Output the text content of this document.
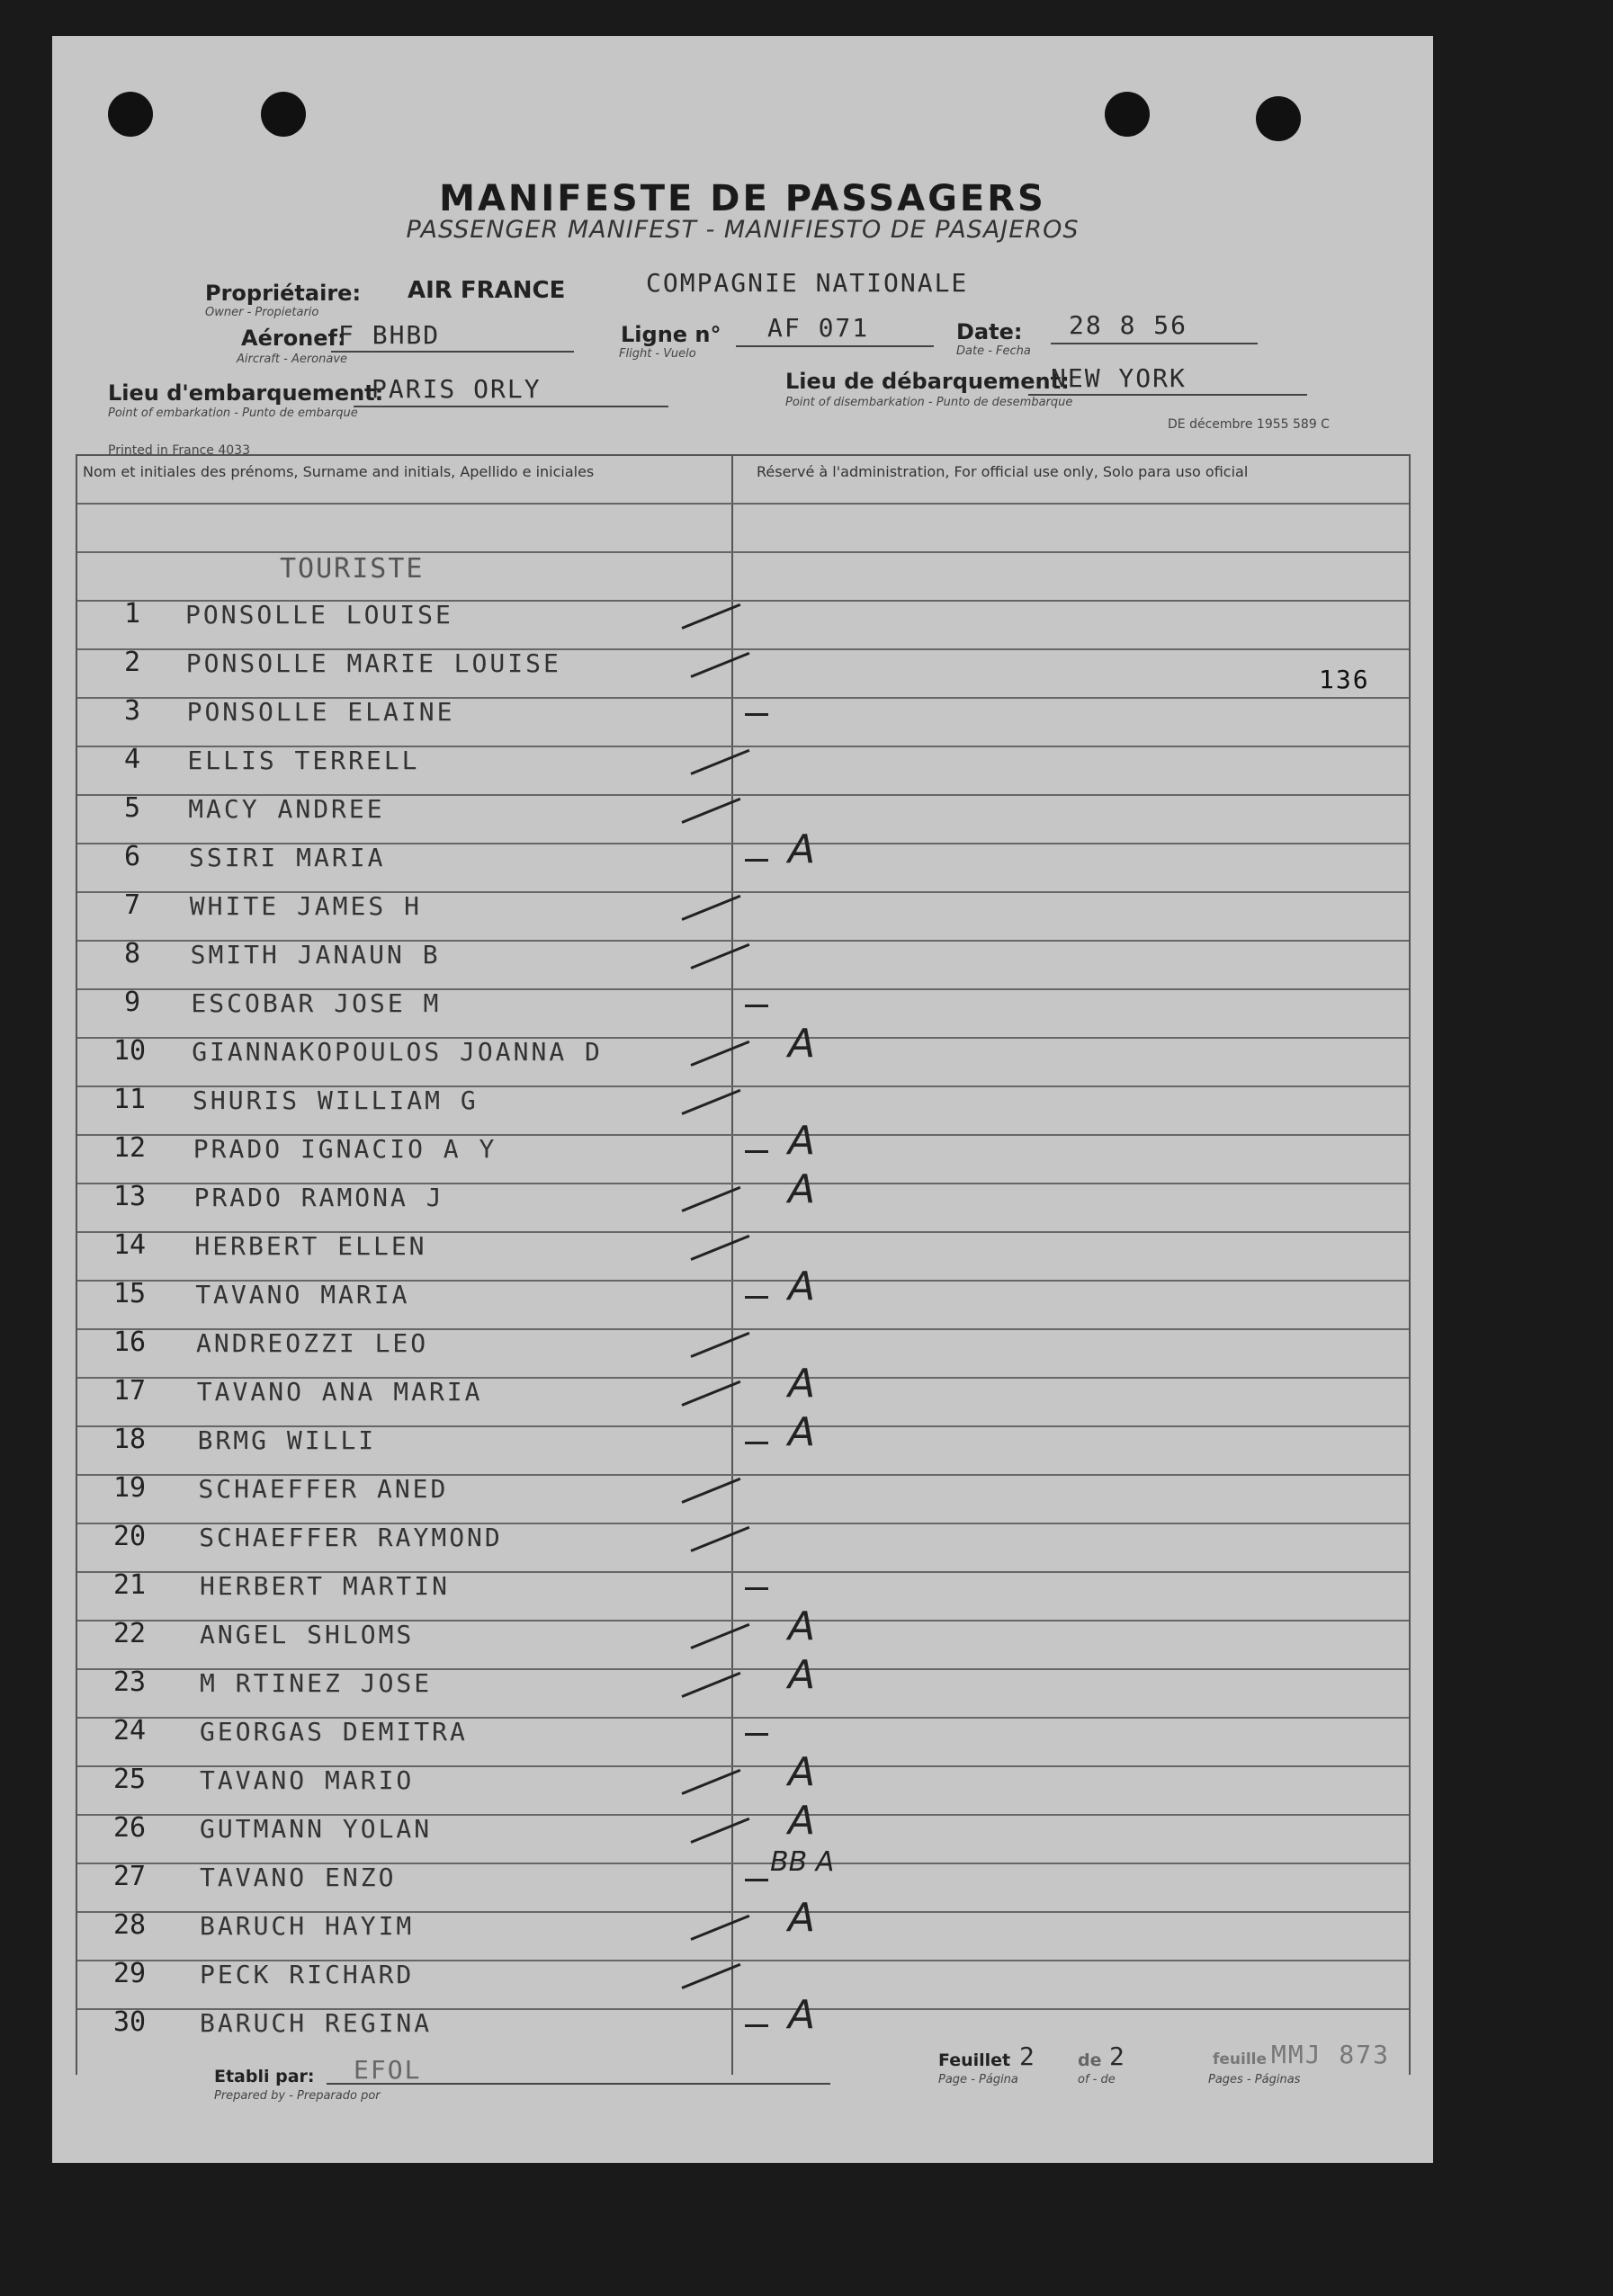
MANIFESTE DE PASSAGERS
PASSENGER MANIFEST - MANIFIESTO DE PASAJEROS
Propriétaire:
Owner - Propietario
AIR FRANCE	COMPAGNIE NATIONALE
Aéronef:
Aircraft - Aeronave
F BHBD	Ligne n°
Flight - Vuelo
AF 071	Date:
Date - Fecha
28 8 56
Lieu d'embarquement:
Point of embarkation - Punto de embarque
PARIS ORLY	Lieu de débarquement:
Point of disembarkation - Punto de desembarque
NEW YORK
DE décembre 1955 589 C
Printed in France 4033
Nom et initiales des prénoms, Surname and initials, Apellido e iniciales	Réservé à l'administration, For official use only, Solo para uso oficial
1 PONSOLLE LOUISE
2 PONSOLLE MARIE LOUISE
3 PONSOLLE ELAINE
4 ELLIS TERRELL
5 MACY ANDREE
6 SSIRI MARIA	A
7 WHITE JAMES H
8 SMITH JANAUN B
9 ESCOBAR JOSE M
10 GIANNAKOPOULOS JOANNA D	A
11 SHURIS WILLIAM G
12 PRADO IGNACIO A Y	A
13 PRADO RAMONA J	A
14 HERBERT ELLEN
15 TAVANO MARIA	A
16 ANDREOZZI LEO
17 TAVANO ANA MARIA	A
18 BRMG WILLI	A
19 SCHAEFFER ANED
20 SCHAEFFER RAYMOND
21 HERBERT MARTIN
22 ANGEL SHLOMS	A
23 M RTINEZ JOSE	A
24 GEORGAS DEMITRA
25 TAVANO MARIO	A
26 GUTMANN YOLAN	A
27 TAVANO ENZO	BB A
28 BARUCH HAYIM	A
29 PECK RICHARD
30 BARUCH REGINA	A
TOURISTE
136
Etabli par:
Prepared by - Preparado por
EFOL	Feuillet
Page - Página
2 de
of - de
2	feuille
Pages - Páginas
MMJ 873
